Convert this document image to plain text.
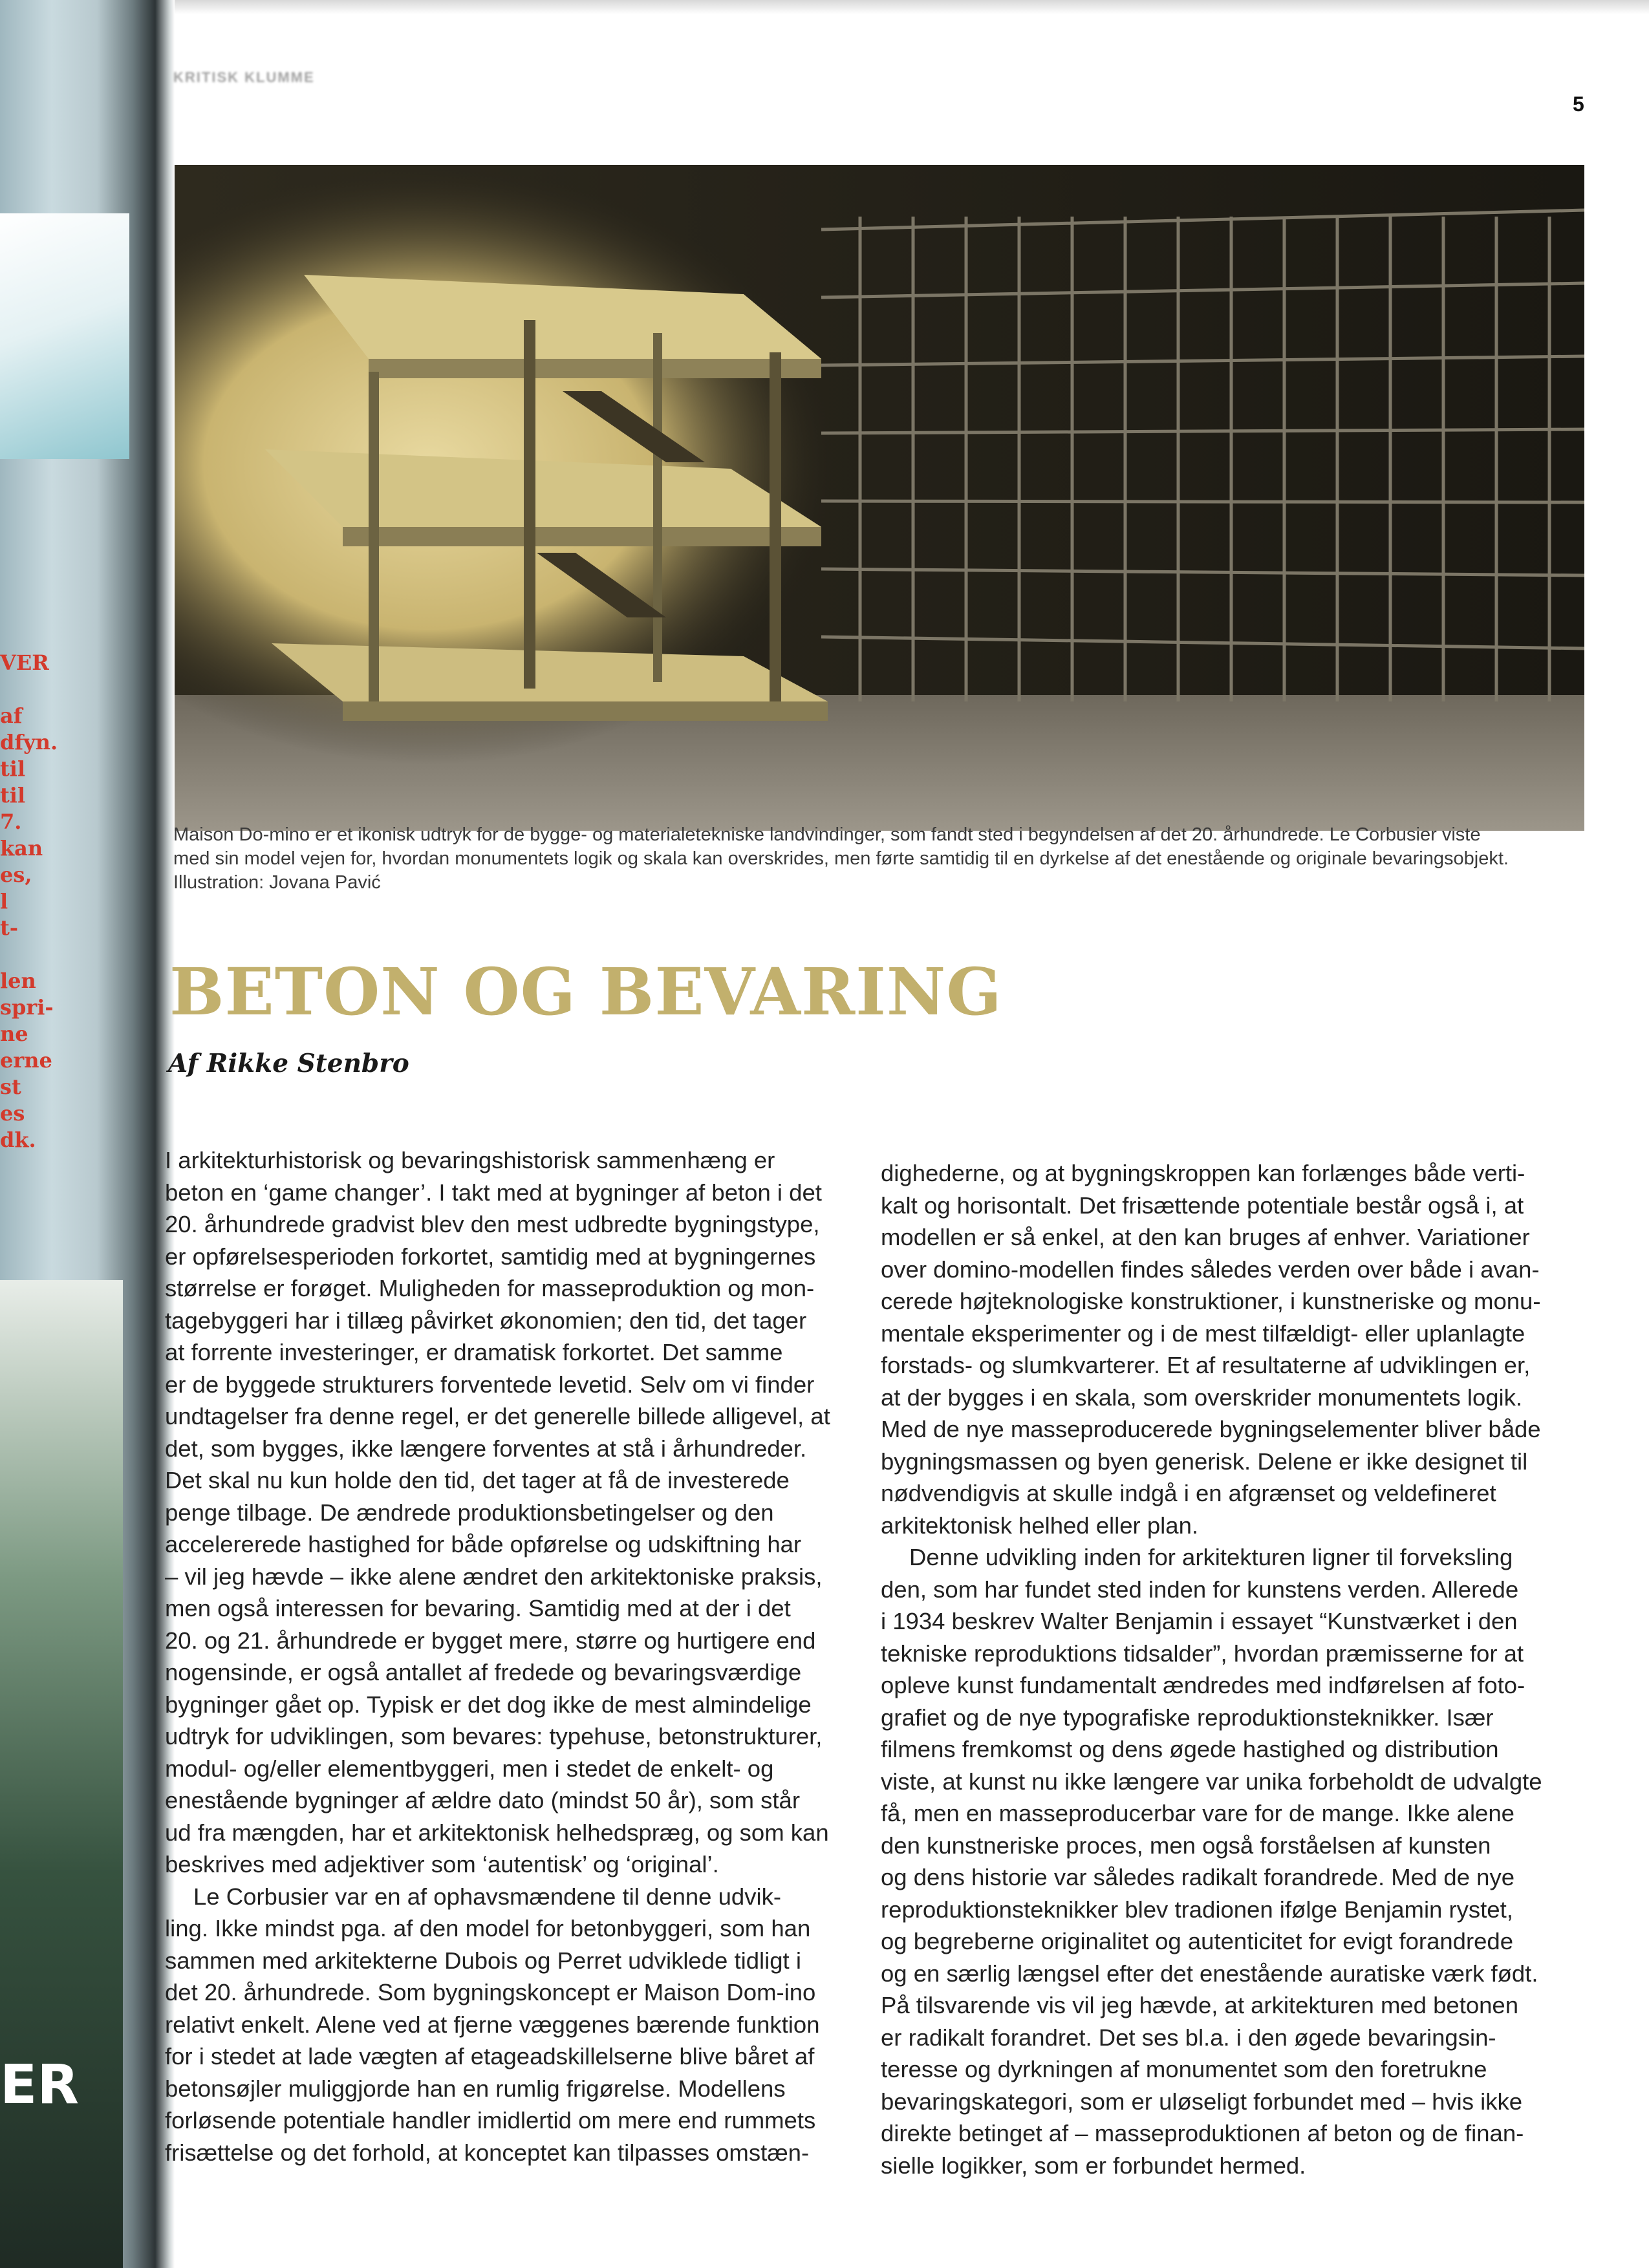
VER
af
dfyn.
til
til
7.
kan
es,
l
t-
len
spri-
ne
erne
st
es
dk.
ER
KRITISK KLUMME
5

Maison Do-mino er et ikonisk udtryk for de bygge- og materialetekniske landvindinger, som fandt sted i begyndelsen af det 20. århundrede. Le Corbusier viste
med sin model vejen for, hvordan monumentets logik og skala kan overskrides, men førte samtidig til en dyrkelse af det enestående og originale bevaringsobjekt.
Illustration: Jovana Pavić

BETON OG BEVARING

Af Rikke Stenbro

I arkitekturhistorisk og bevaringshistorisk sammenhæng er
beton en ‘game changer’. I takt med at bygninger af beton i det
20. århundrede gradvist blev den mest udbredte bygningstype,
er opførelsesperioden forkortet, samtidig med at bygningernes
størrelse er forøget. Muligheden for masseproduktion og mon-
tagebyggeri har i tillæg påvirket økonomien; den tid, det tager
at forrente investeringer, er dramatisk forkortet. Det samme
er de byggede strukturers forventede levetid. Selv om vi finder
undtagelser fra denne regel, er det generelle billede alligevel, at
det, som bygges, ikke længere forventes at stå i århundreder.
Det skal nu kun holde den tid, det tager at få de investerede
penge tilbage. De ændrede produktionsbetingelser og den
accelererede hastighed for både opførelse og udskiftning har
– vil jeg hævde – ikke alene ændret den arkitektoniske praksis,
men også interessen for bevaring. Samtidig med at der i det
20. og 21. århundrede er bygget mere, større og hurtigere end
nogensinde, er også antallet af fredede og bevaringsværdige
bygninger gået op. Typisk er det dog ikke de mest almindelige
udtryk for udviklingen, som bevares: typehuse, betonstrukturer,
modul- og/eller elementbyggeri, men i stedet de enkelt- og
enestående bygninger af ældre dato (mindst 50 år), som står
ud fra mængden, har et arkitektonisk helhedspræg, og som kan
beskrives med adjektiver som ‘autentisk’ og ‘original’.
Le Corbusier var en af ophavsmændene til denne udvik-
ling. Ikke mindst pga. af den model for betonbyggeri, som han
sammen med arkitekterne Dubois og Perret udviklede tidligt i
det 20. århundrede. Som bygningskoncept er Maison Dom-ino
relativt enkelt. Alene ved at fjerne væggenes bærende funktion
for i stedet at lade vægten af etageadskillelserne blive båret af
betonsøjler muliggjorde han en rumlig frigørelse. Modellens
forløsende potentiale handler imidlertid om mere end rummets
frisættelse og det forhold, at konceptet kan tilpasses omstæn-
dighederne, og at bygningskroppen kan forlænges både verti-
kalt og horisontalt. Det frisættende potentiale består også i, at
modellen er så enkel, at den kan bruges af enhver. Variationer
over domino-modellen findes således verden over både i avan-
cerede højteknologiske konstruktioner, i kunstneriske og monu-
mentale eksperimenter og i de mest tilfældigt- eller uplanlagte
forstads- og slumkvarterer. Et af resultaterne af udviklingen er,
at der bygges i en skala, som overskrider monumentets logik.
Med de nye masseproducerede bygningselementer bliver både
bygningsmassen og byen generisk. Delene er ikke designet til
nødvendigvis at skulle indgå i en afgrænset og veldefineret
arkitektonisk helhed eller plan.
Denne udvikling inden for arkitekturen ligner til forveksling
den, som har fundet sted inden for kunstens verden. Allerede
i 1934 beskrev Walter Benjamin i essayet “Kunstværket i den
tekniske reproduktions tidsalder”, hvordan præmisserne for at
opleve kunst fundamentalt ændredes med indførelsen af foto-
grafiet og de nye typografiske reproduktionsteknikker. Især
filmens fremkomst og dens øgede hastighed og distribution
viste, at kunst nu ikke længere var unika forbeholdt de udvalgte
få, men en masseproducerbar vare for de mange. Ikke alene
den kunstneriske proces, men også forståelsen af kunsten
og dens historie var således radikalt forandrede. Med de nye
reproduktionsteknikker blev tradionen ifølge Benjamin rystet,
og begreberne originalitet og autenticitet for evigt forandrede
og en særlig længsel efter det enestående auratiske værk født.
På tilsvarende vis vil jeg hævde, at arkitekturen med betonen
er radikalt forandret. Det ses bl.a. i den øgede bevaringsin-
teresse og dyrkningen af monumentet som den foretrukne
bevaringskategori, som er uløseligt forbundet med – hvis ikke
direkte betinget af – masseproduktionen af beton og de finan-
sielle logikker, som er forbundet hermed.
